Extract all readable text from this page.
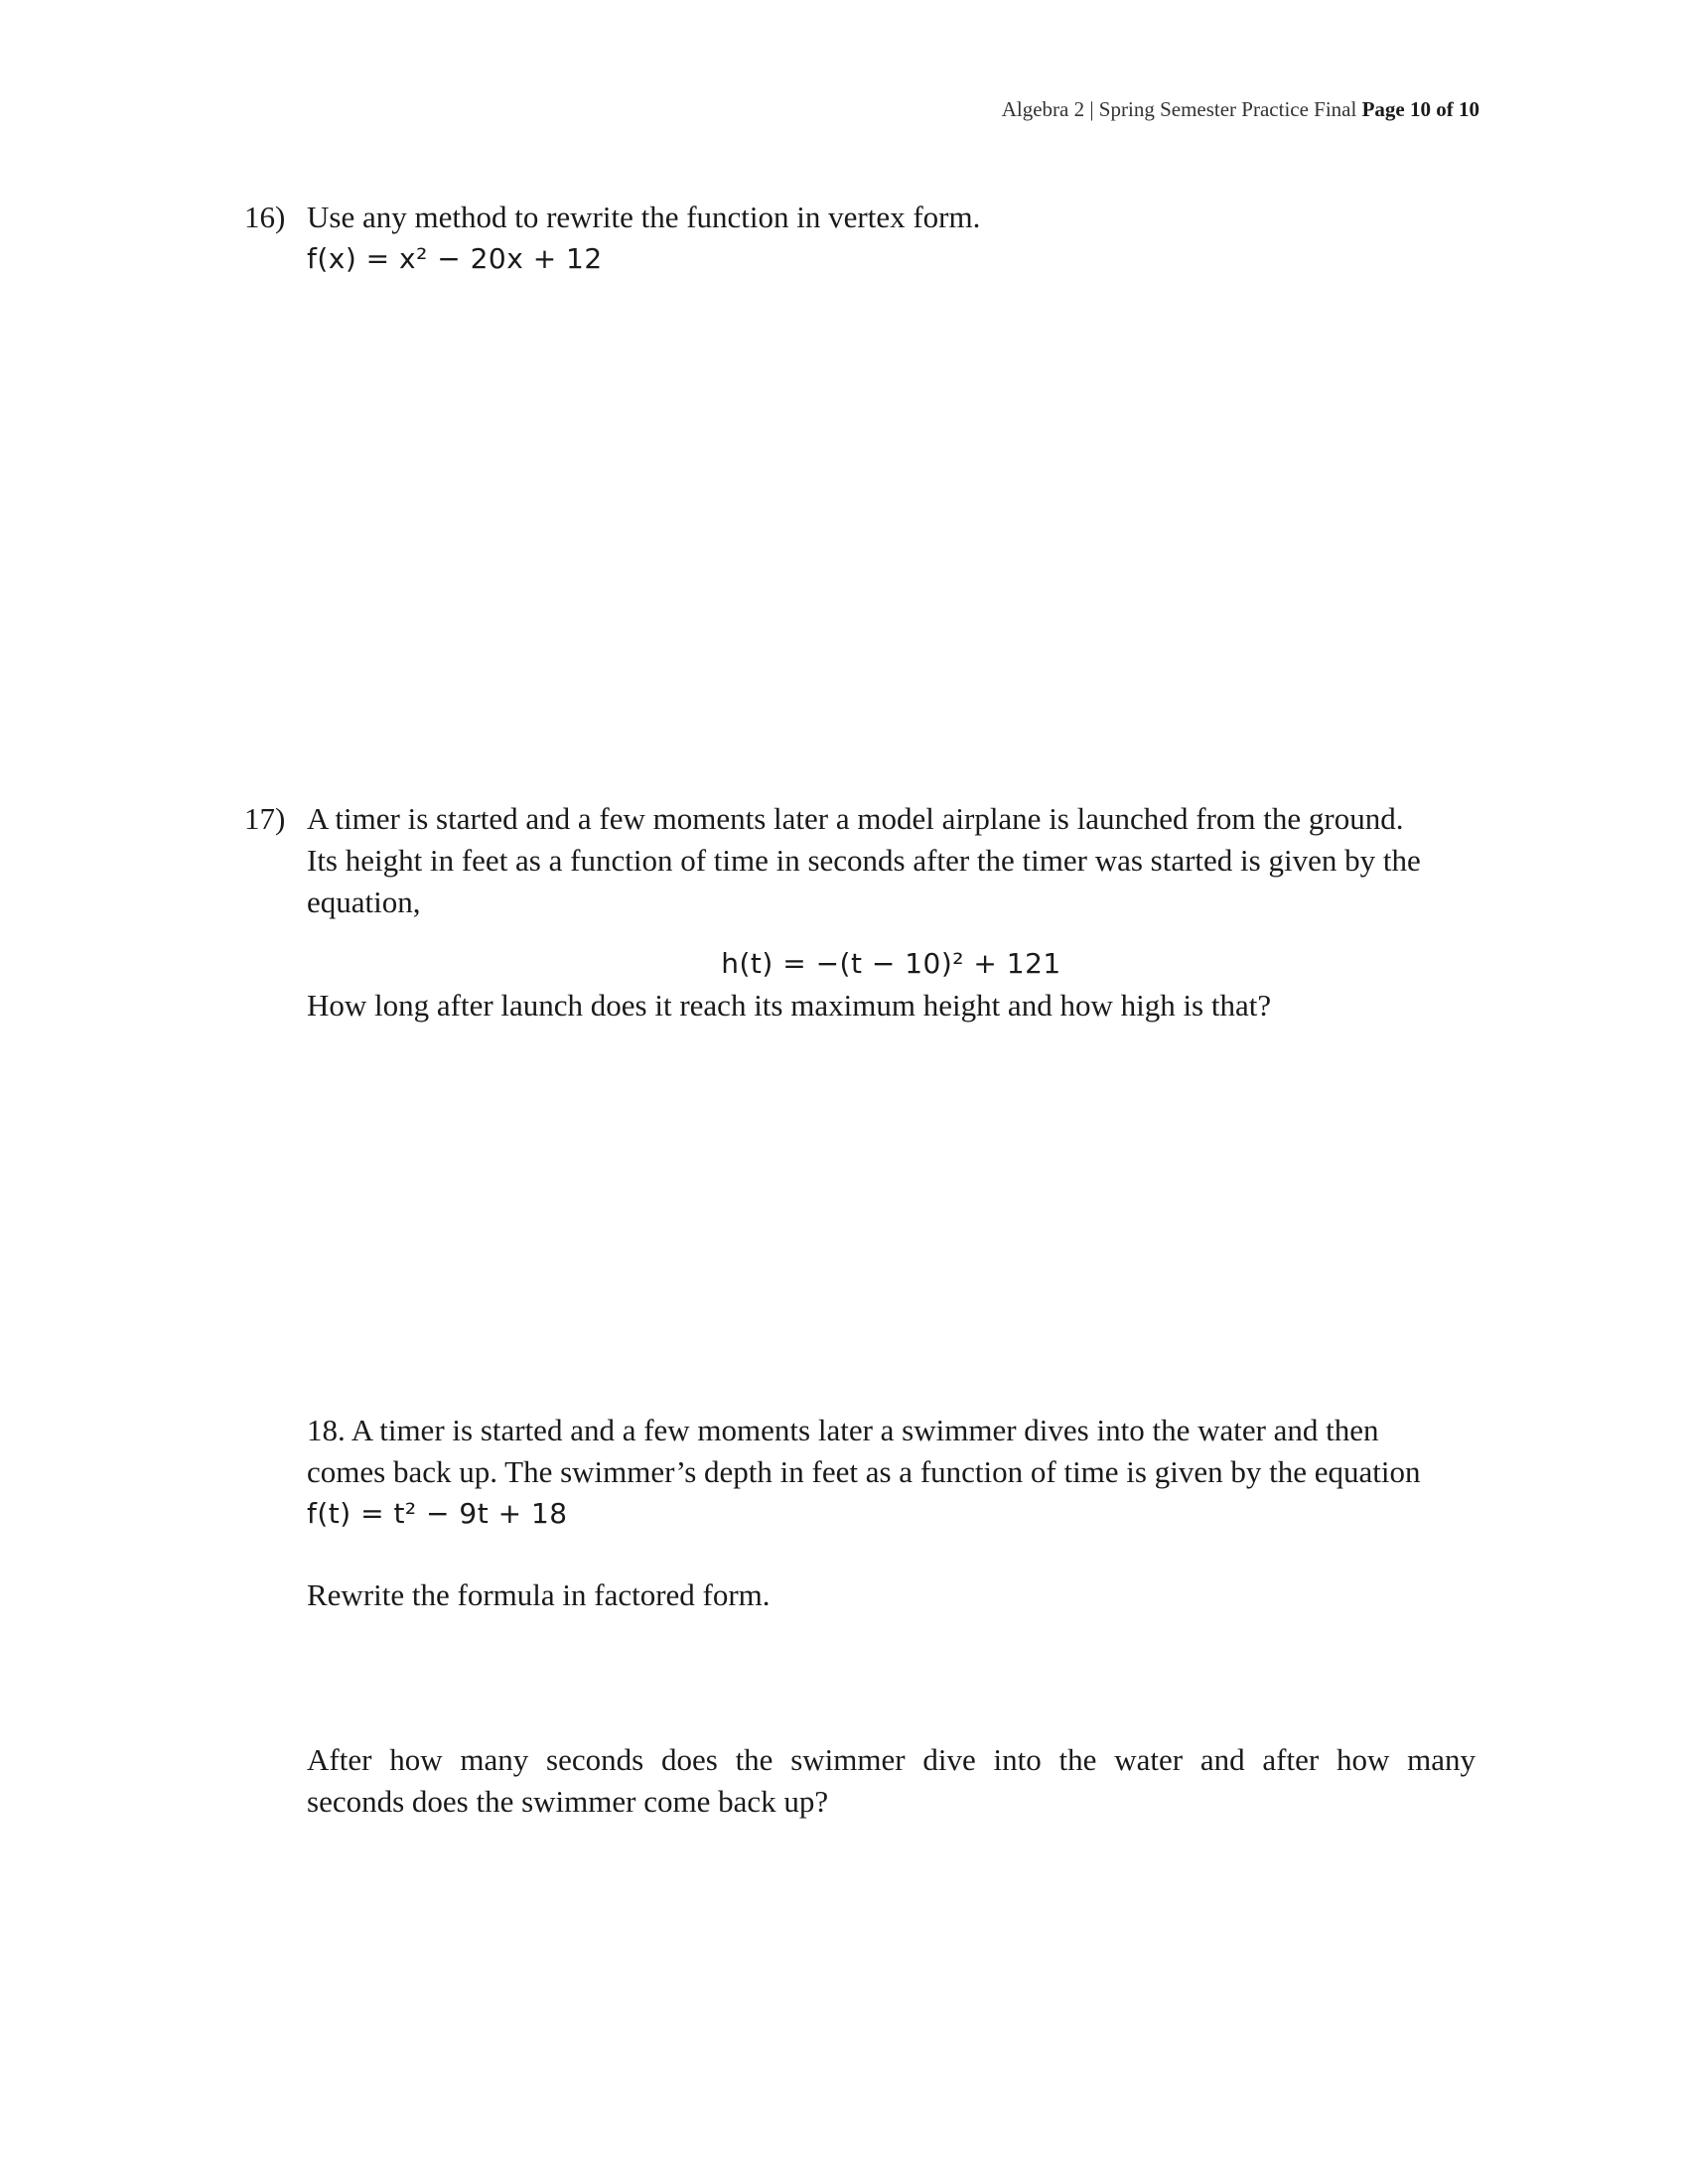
Algebra 2 | Spring Semester Practice Final Page 10 of 10
16) Use any method to rewrite the function in vertex form.
f(x) = x² − 20x + 12
17) A timer is started and a few moments later a model airplane is launched from the ground.
Its height in feet as a function of time in seconds after the timer was started is given by the
equation,
h(t) = −(t − 10)² + 121
How long after launch does it reach its maximum height and how high is that?
18. A timer is started and a few moments later a swimmer dives into the water and then
comes back up. The swimmer’s depth in feet as a function of time is given by the equation
f(t) = t² − 9t + 18
Rewrite the formula in factored form.
After how many seconds does the swimmer dive into the water and after how many
seconds does the swimmer come back up?
